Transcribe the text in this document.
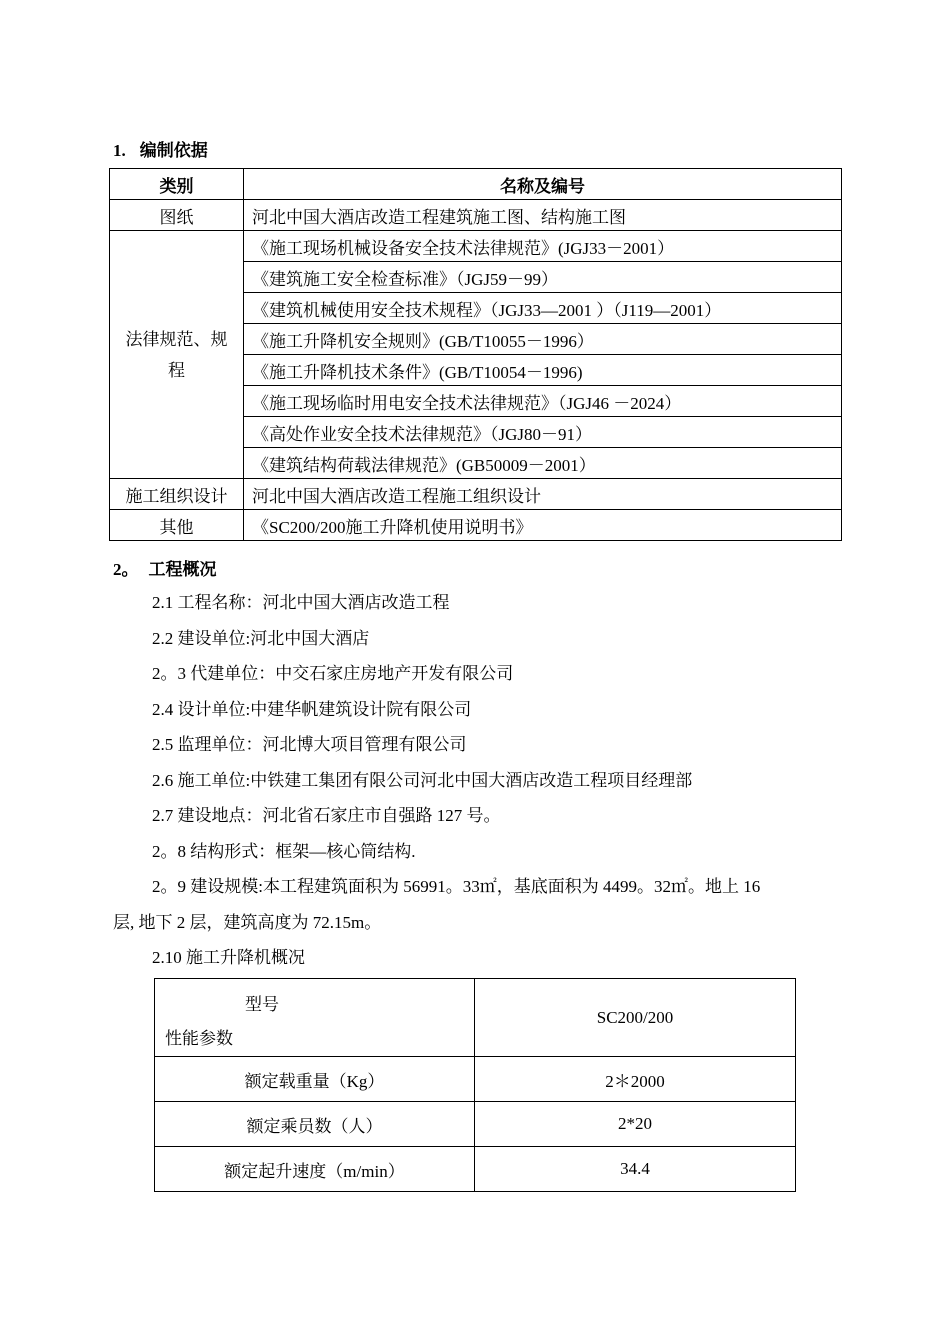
1. 编制依据
类别	名称及编号
图纸	河北中国大酒店改造工程建筑施工图、结构施工图

法律规范、规程	《施工现场机械设备安全技术法律规范》(JGJ33－2001）
	《建筑施工安全检查标准》（JGJ59－99）
	《建筑机械使用安全技术规程》（JGJ33—2001 ）（J119—2001）
	《施工升降机安全规则》(GB/T10055－1996）
	《施工升降机技术条件》(GB/T10054－1996)
	《施工现场临时用电安全技术法律规范》（JGJ46 －2024）
	《高处作业安全技术法律规范》（JGJ80－91）
	《建筑结构荷载法律规范》(GB50009－2001）
施工组织设计	河北中国大酒店改造工程施工组织设计
其他	《SC200/200施工升降机使用说明书》
2。 工程概况
2.1 工程名称：河北中国大酒店改造工程
2.2 建设单位:河北中国大酒店
2。3 代建单位：中交石家庄房地产开发有限公司
2.4 设计单位:中建华帆建筑设计院有限公司
2.5 监理单位：河北博大项目管理有限公司
2.6 施工单位:中铁建工集团有限公司河北中国大酒店改造工程项目经理部
2.7 建设地点：河北省石家庄市自强路 127 号。
2。8 结构形式：框架—核心筒结构.
2。9 建设规模:本工程建筑面积为 56991。33㎡，基底面积为 4499。32㎡。地上 16
层, 地下 2 层，建筑高度为 72.15m。
2.10 施工升降机概况
型号
性能参数	SC200/200
额定载重量（Kg）	2＊2000
额定乘员数（人）	2*20
额定起升速度（m/min）	34.4
